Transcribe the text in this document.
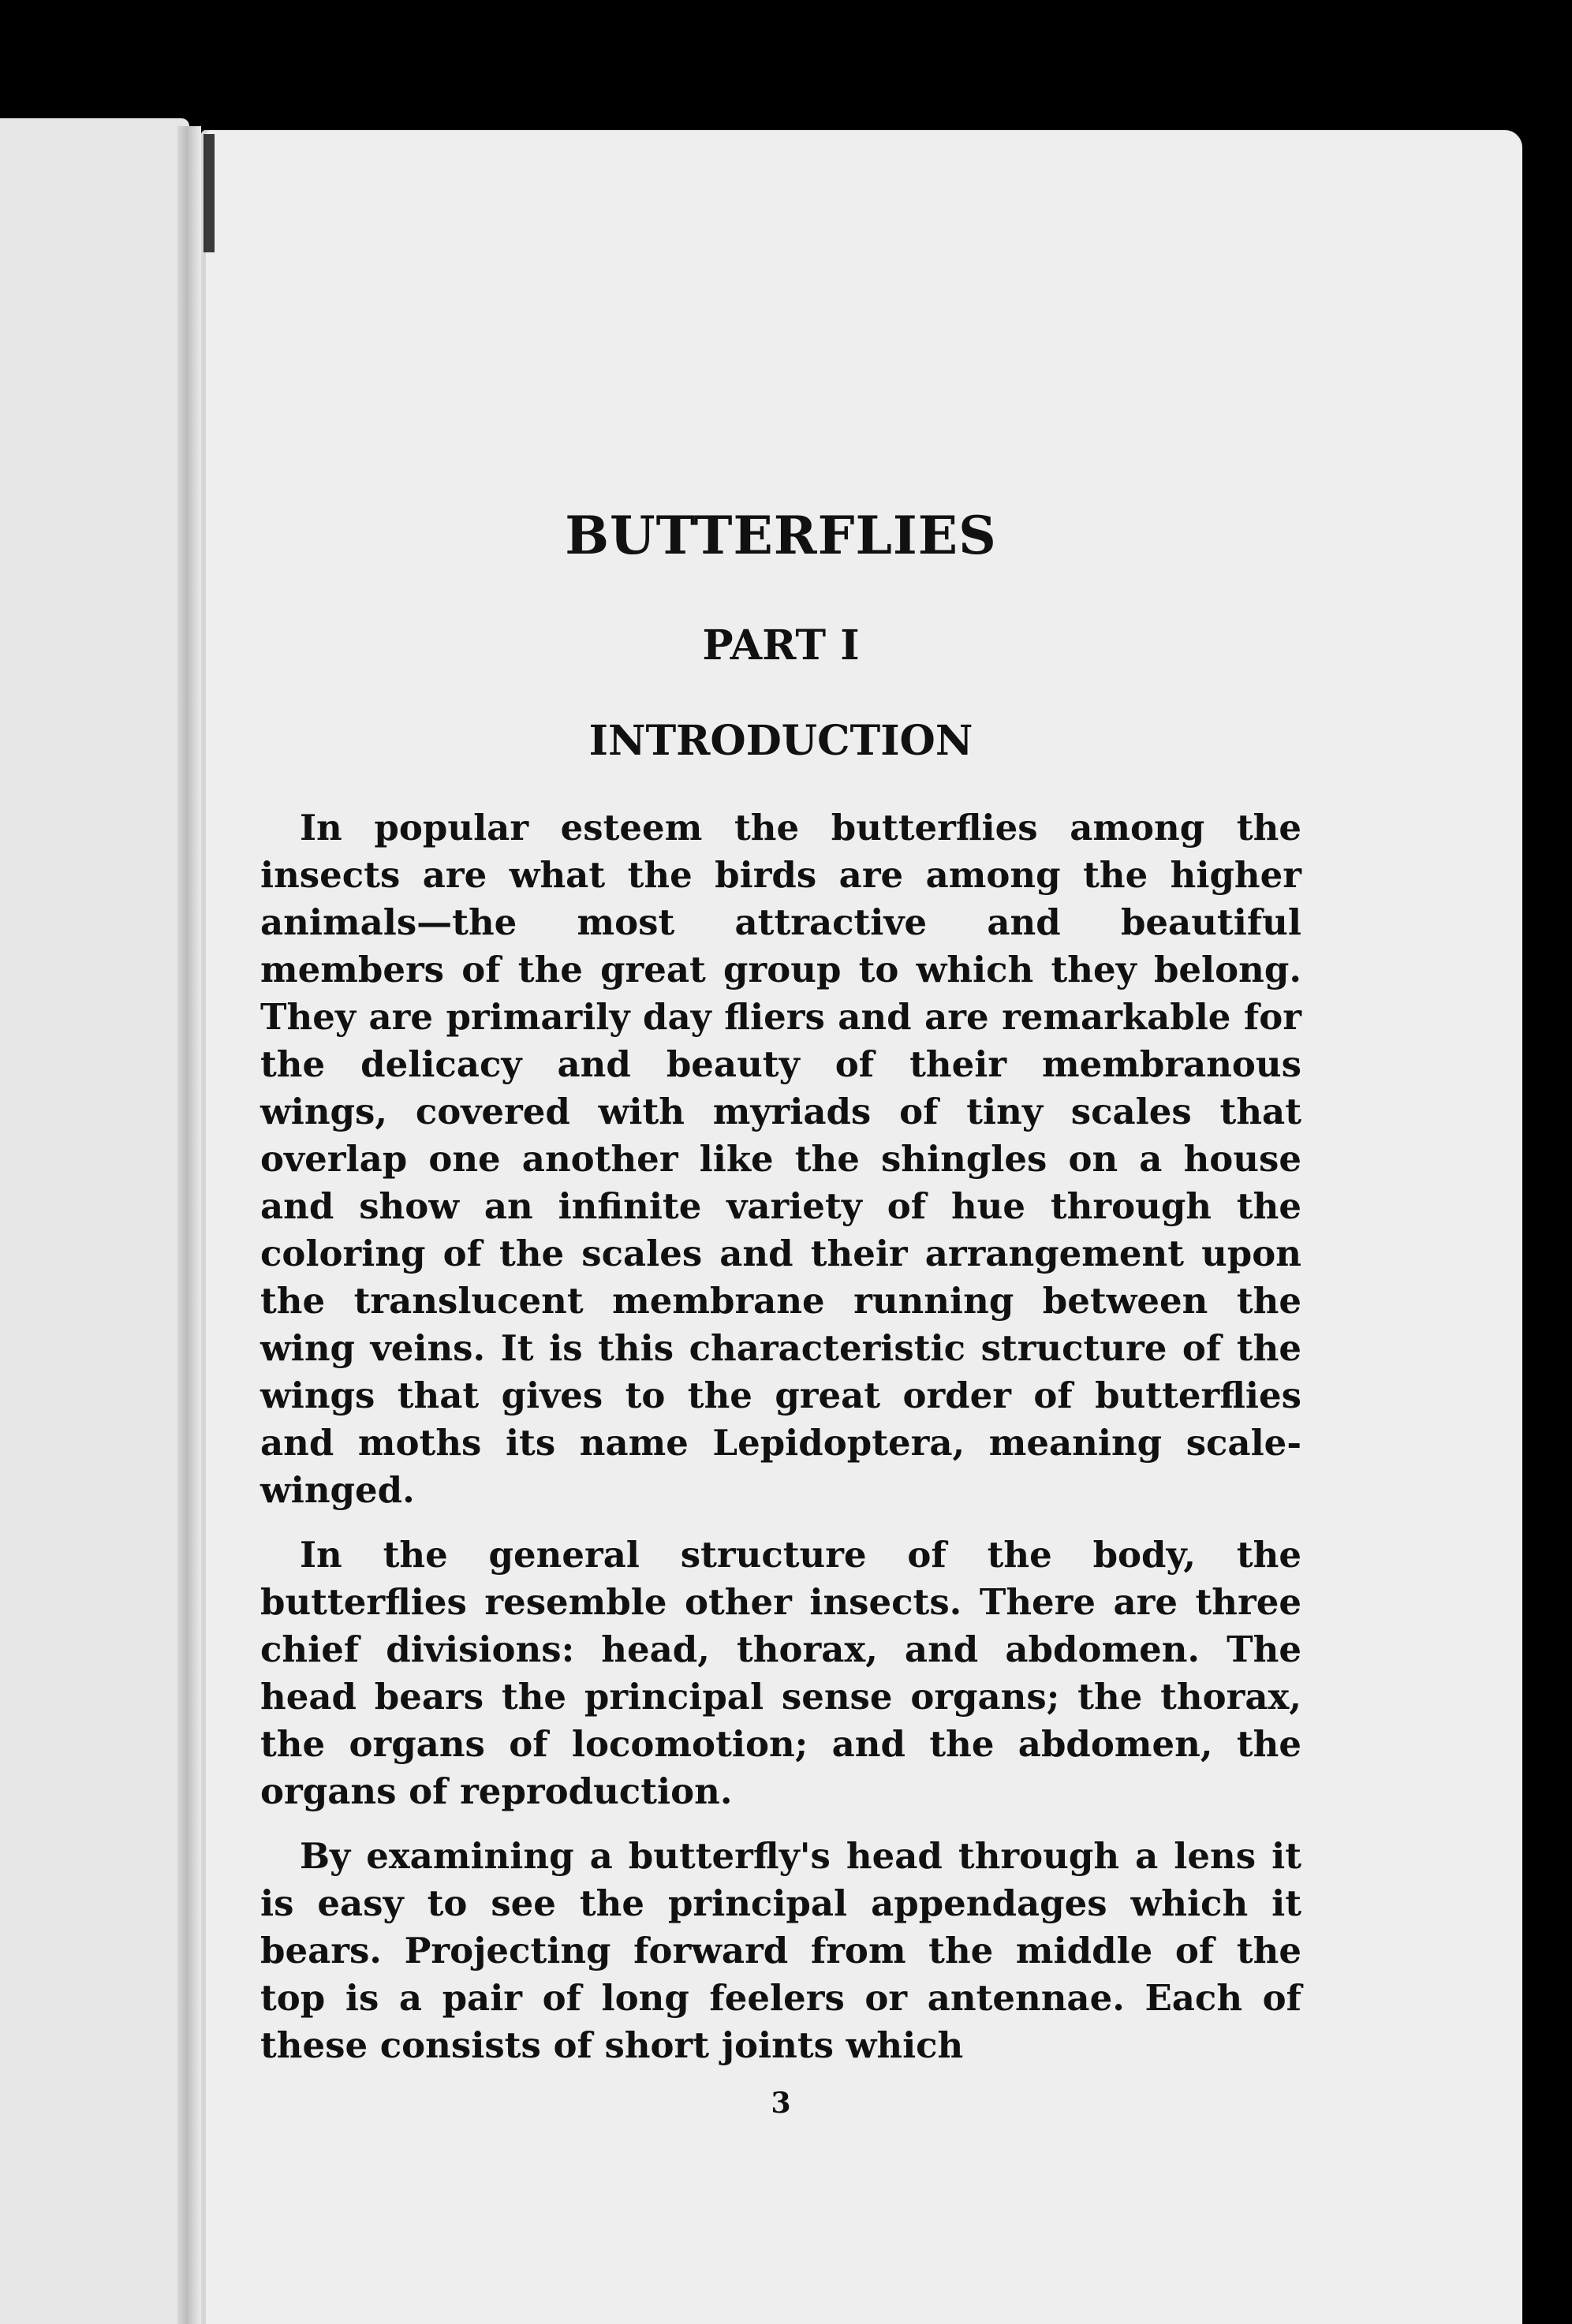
BUTTERFLIES
PART I
INTRODUCTION

In popular esteem the butterflies among the insects are what the birds are among the higher animals—the most attractive and beautiful members of the great group to which they belong. They are primarily day fliers and are remarkable for the delicacy and beauty of their membranous wings, covered with myriads of tiny scales that overlap one another like the shingles on a house and show an infinite variety of hue through the coloring of the scales and their arrangement upon the translucent membrane running between the wing veins. It is this characteristic structure of the wings that gives to the great order of butterflies and moths its name Lepidoptera, meaning scale-winged.

In the general structure of the body, the butterflies resemble other insects. There are three chief divisions: head, thorax, and abdomen. The head bears the principal sense organs; the thorax, the organs of locomotion; and the abdomen, the organs of reproduction.

By examining a butterfly's head through a lens it is easy to see the principal appendages which it bears. Projecting forward from the middle of the top is a pair of long feelers or antennae. Each of these consists of short joints which

3
